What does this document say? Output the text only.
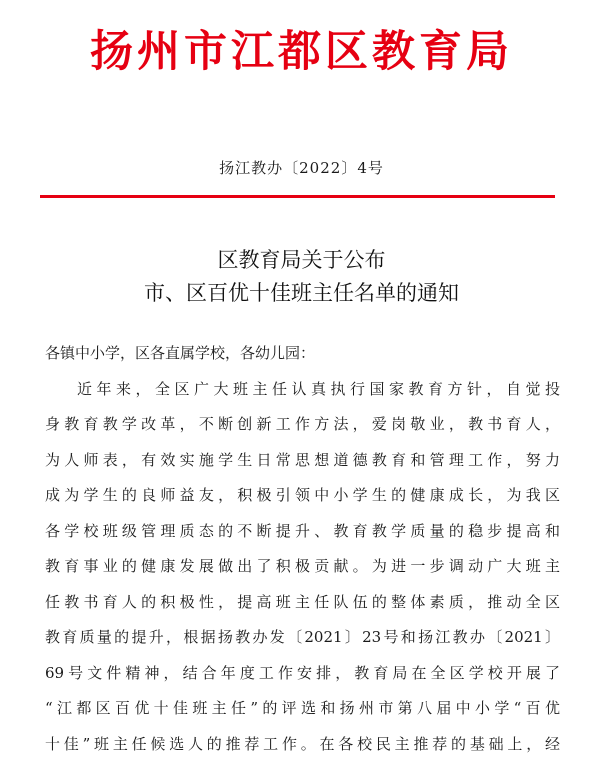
扬州市江都区教育局
扬江教办〔2022〕4号
区教育局关于公布
市、区百优十佳班主任名单的通知
各镇中小学，区各直属学校，各幼儿园：
近年来，全区广大班主任认真执行国家教育方针，自觉投
身教育教学改革，不断创新工作方法，爱岗敬业，教书育人，
为人师表，有效实施学生日常思想道德教育和管理工作，努力
成为学生的良师益友，积极引领中小学生的健康成长，为我区
各学校班级管理质态的不断提升、教育教学质量的稳步提高和
教育事业的健康发展做出了积极贡献。为进一步调动广大班主
任教书育人的积极性，提高班主任队伍的整体素质，推动全区
教育质量的提升，根据扬教办发〔2021〕23号和扬江教办〔2021〕
69号文件精神，结合年度工作安排，教育局在全区学校开展了
“江都区百优十佳班主任”的评选和扬州市第八届中小学“百优
十佳”班主任候选人的推荐工作。在各校民主推荐的基础上，经
